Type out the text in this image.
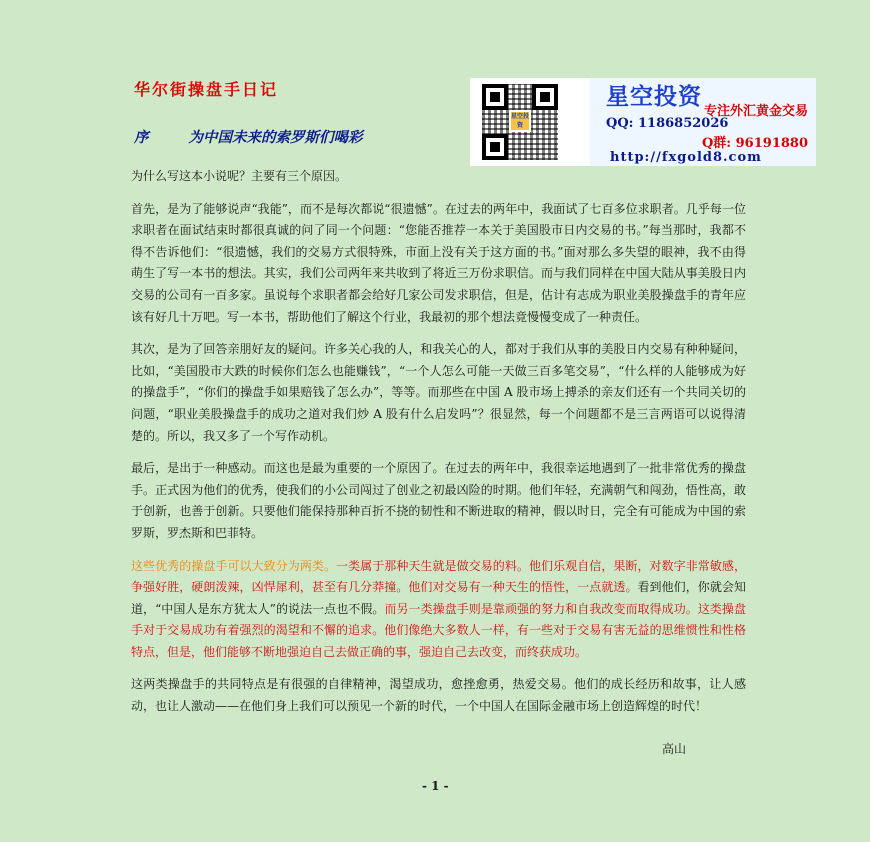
华尔街操盘手日记
序	为中国未来的索罗斯们喝彩
星空投资
星空投资
专注外汇黄金交易
QQ: 1186852026
Q群: 96191880
http://fxgold8.com

为什么写这本小说呢？主要有三个原因。

首先，是为了能够说声“我能”，而不是每次都说“很遗憾”。在过去的两年中，我面试了七百多位求职者。几乎每一位求职者在面试结束时都很真诚的问了同一个问题：“您能否推荐一本关于美国股市日内交易的书。”每当那时，我都不得不告诉他们：“很遗憾，我们的交易方式很特殊，市面上没有关于这方面的书。”面对那么多失望的眼神，我不由得萌生了写一本书的想法。其实，我们公司两年来共收到了将近三万份求职信。而与我们同样在中国大陆从事美股日内交易的公司有一百多家。虽说每个求职者都会给好几家公司发求职信，但是，估计有志成为职业美股操盘手的青年应该有好几十万吧。写一本书，帮助他们了解这个行业，我最初的那个想法竟慢慢变成了一种责任。

其次，是为了回答亲朋好友的疑问。许多关心我的人，和我关心的人，都对于我们从事的美股日内交易有种种疑问，比如，“美国股市大跌的时候你们怎么也能赚钱”，“一个人怎么可能一天做三百多笔交易”，“什么样的人能够成为好的操盘手”，“你们的操盘手如果赔钱了怎么办”，等等。而那些在中国 A 股市场上搏杀的亲友们还有一个共同关切的问题，“职业美股操盘手的成功之道对我们炒 A 股有什么启发吗”？很显然，每一个问题都不是三言两语可以说得清楚的。所以，我又多了一个写作动机。

最后，是出于一种感动。而这也是最为重要的一个原因了。在过去的两年中，我很幸运地遇到了一批非常优秀的操盘手。正式因为他们的优秀，使我们的小公司闯过了创业之初最凶险的时期。他们年轻，充满朝气和闯劲，悟性高，敢于创新，也善于创新。只要他们能保持那种百折不挠的韧性和不断进取的精神，假以时日，完全有可能成为中国的索罗斯，罗杰斯和巴菲特。

这些优秀的操盘手可以大致分为两类。一类属于那种天生就是做交易的料。他们乐观自信，果断，对数字非常敏感，争强好胜，硬朗泼辣，凶悍犀利，甚至有几分莽撞。他们对交易有一种天生的悟性，一点就透。看到他们，你就会知道，“中国人是东方犹太人”的说法一点也不假。而另一类操盘手则是靠顽强的努力和自我改变而取得成功。这类操盘手对于交易成功有着强烈的渴望和不懈的追求。他们像绝大多数人一样，有一些对于交易有害无益的思维惯性和性格特点，但是，他们能够不断地强迫自己去做正确的事，强迫自己去改变，而终获成功。

这两类操盘手的共同特点是有很强的自律精神，渴望成功，愈挫愈勇，热爱交易。他们的成长经历和故事，让人感动，也让人激动——在他们身上我们可以预见一个新的时代，一个中国人在国际金融市场上创造辉煌的时代！

高山
- 1 -
